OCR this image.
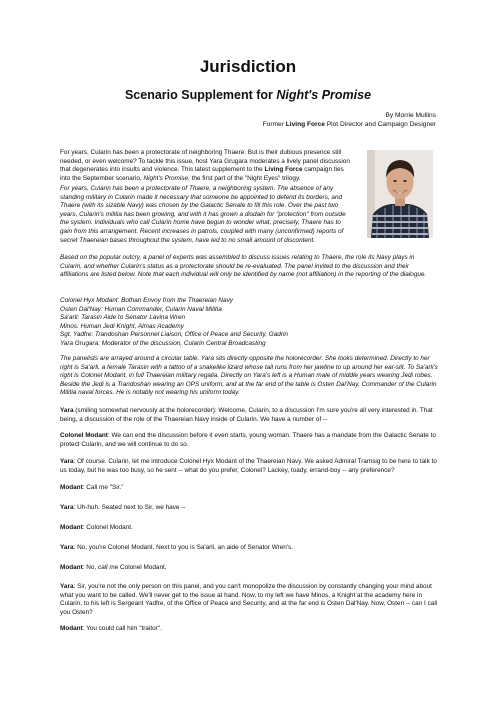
Jurisdiction
Scenario Supplement for Night's Promise
By Morrie Mullins
Former Living Force Plot Director and Campaign Designer

For years, Cularin has been a protectorate of neighboring Thaere. But is their dubious presence still needed, or even welcome? To tackle this issue, host Yara Grugara moderates a lively panel discussion that degenerates into insults and violence. This latest supplement to the Living Force campaign ties into the September scenario, Night's Promise, the first part of the "Night Eyes" trilogy.

For years, Cularin has been a protectorate of Thaere, a neighboring system. The absence of any standing military in Cularin made it necessary that someone be appointed to defend its borders, and Thaere (with its sizable Navy) was chosen by the Galactic Senate to fill this role. Over the past two years, Cularin's militia has been growing, and with it has grown a disdain for "protection" from outside the system. Individuals who call Cularin home have begun to wonder what, precisely, Thaere has to gain from this arrangement. Recent increases in patrols, coupled with many (unconfirmed) reports of secret Thaereian bases throughout the system, have led to no small amount of discontent.

Based on the popular outcry, a panel of experts was assembled to discuss issues relating to Thaere, the role its Navy plays in Cularin, and whether Cularin's status as a protectorate should be re-evaluated. The panel invited to the discussion and their affiliations are listed below. Note that each individual will only be identified by name (not affiliation) in the reporting of the dialogue.

Colonel Hyx Modant: Bothan Envoy from the Thaereian Navy
Osten Dal'Nay: Human Commander, Cularin Naval Militia
Sa'arli: Tarasin Aide to Senator Lavina Wren
Minos: Human Jedi Knight, Almas Academy
Sgt. Yadfre: Trandoshan Personnel Liaison, Office of Peace and Security, Gadrin
Yara Grugara: Moderator of the discussion, Cularin Central Broadcasting

The panelists are arrayed around a circular table. Yara sits directly opposite the holorecorder. She looks determined. Directly to her right is Sa'arli, a female Tarasin with a tattoo of a snakelike lizard whose tail runs from her jawline to up around her ear-slit. To Sa'arli's right is Colonel Modant, in full Thaereian military regalia. Directly on Yara's left is a Human male of middle years wearing Jedi robes. Beside the Jedi is a Trandoshan wearing an OPS uniform, and at the far end of the table is Osten Dal'Nay, Commander of the Cularin Militia naval forces. He is notably not wearing his uniform today.

Yara (smiling somewhat nervously at the holorecorder): Welcome, Cularin, to a discussion I'm sure you're all very interested in. That being, a discussion of the role of the Thaereian Navy inside of Cularin. We have a number of --

Colonel Modant: We can end the discussion before it even starts, young woman. Thaere has a mandate from the Galactic Senate to protect Cularin, and we will continue to do so.

Yara: Of course. Cularin, let me introduce Colonel Hyx Modant of the Thaereian Navy. We asked Admiral Tramsig to be here to talk to us today, but he was too busy, so he sent -- what do you prefer, Colonel? Lackey, toady, errand-boy -- any preference?

Modant: Call me "Sir."

Yara: Uh-huh. Seated next to Sir, we have --

Modant: Colonel Modant.

Yara: No, you're Colonel Modant. Next to you is Sa'arli, an aide of Senator Wren's.

Modant: No, call me Colonel Modant.

Yara: Sir, you're not the only person on this panel, and you can't monopolize the discussion by constantly changing your mind about what you want to be called. We'll never get to the issue at hand. Now, to my left we have Minos, a Knight at the academy here in Cularin, to his left is Sergeant Yadfre, of the Office of Peace and Security, and at the far end is Osten Dal'Nay. Now, Osten -- can I call you Osten?

Modant: You could call him "traitor".
